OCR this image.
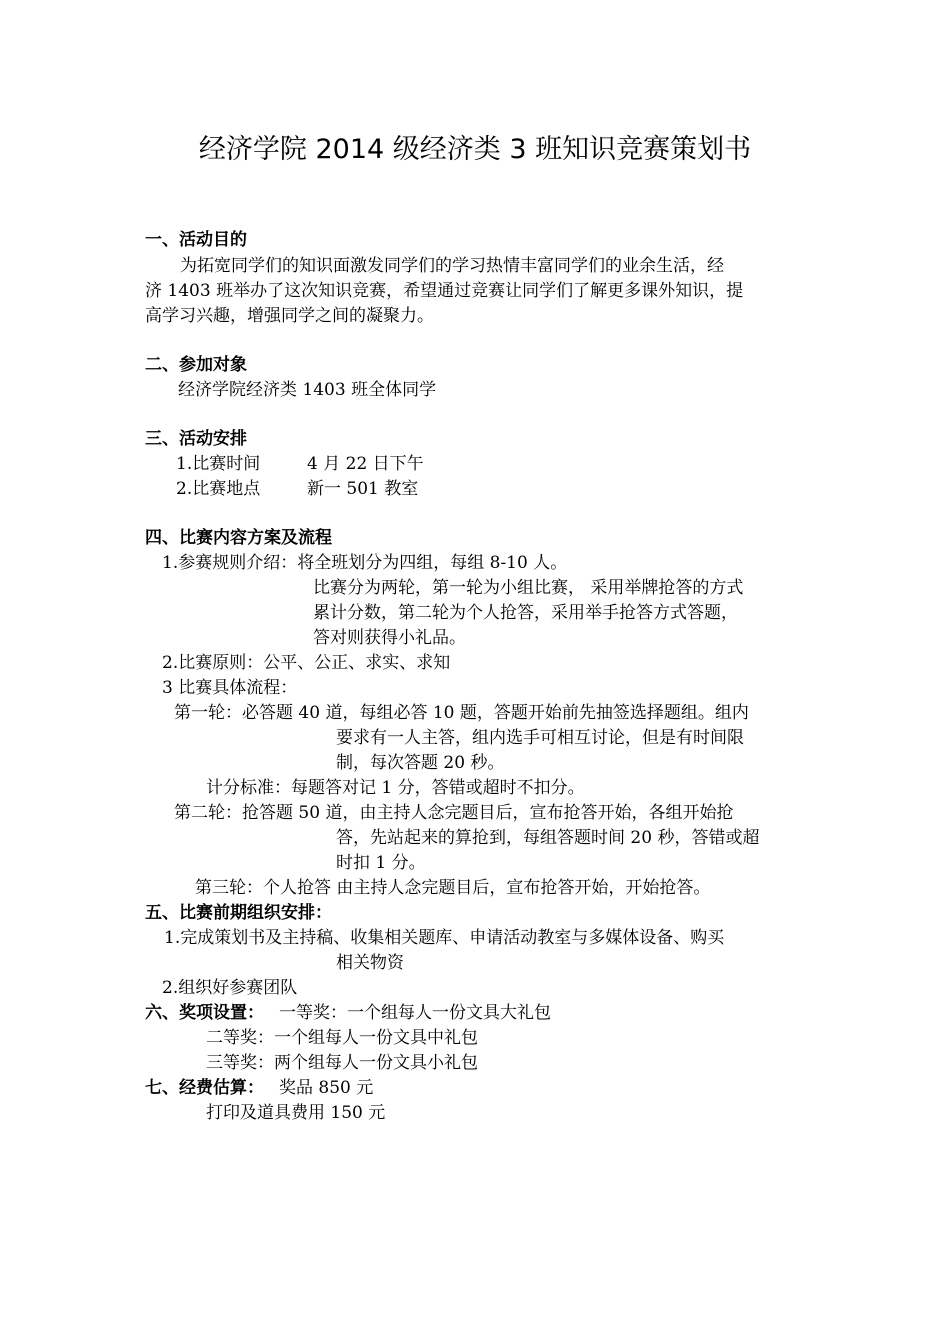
经济学院 2014 级经济类 3 班知识竞赛策划书
一、活动目的
为拓宽同学们的知识面激发同学们的学习热情丰富同学们的业余生活，经
济 1403 班举办了这次知识竞赛，希望通过竞赛让同学们了解更多课外知识，提
高学习兴趣，增强同学之间的凝聚力。
二、参加对象
经济学院经济类 1403 班全体同学
三、活动安排
1.比赛时间	4 月 22 日下午
2.比赛地点	新一 501 教室
四、比赛内容方案及流程
1.参赛规则介绍：将全班划分为四组，每组 8-10 人。
比赛分为两轮，第一轮为小组比赛， 采用举牌抢答的方式
累计分数，第二轮为个人抢答，采用举手抢答方式答题，
答对则获得小礼品。
2.比赛原则：公平、公正、求实、求知
3 比赛具体流程：
第一轮：必答题 40 道，每组必答 10 题，答题开始前先抽签选择题组。组内
要求有一人主答，组内选手可相互讨论，但是有时间限
制，每次答题 20 秒。
计分标准：每题答对记 1 分，答错或超时不扣分。
第二轮：抢答题 50 道，由主持人念完题目后，宣布抢答开始，各组开始抢
答，先站起来的算抢到，每组答题时间 20 秒，答错或超
时扣 1 分。
第三轮：个人抢答 由主持人念完题目后，宣布抢答开始，开始抢答。
五、比赛前期组织安排：
1.完成策划书及主持稿、收集相关题库、申请活动教室与多媒体设备、购买
相关物资
2.组织好参赛团队
六、奖项设置： 一等奖：一个组每人一份文具大礼包
二等奖：一个组每人一份文具中礼包
三等奖：两个组每人一份文具小礼包
七、经费估算： 奖品 850 元
打印及道具费用 150 元
